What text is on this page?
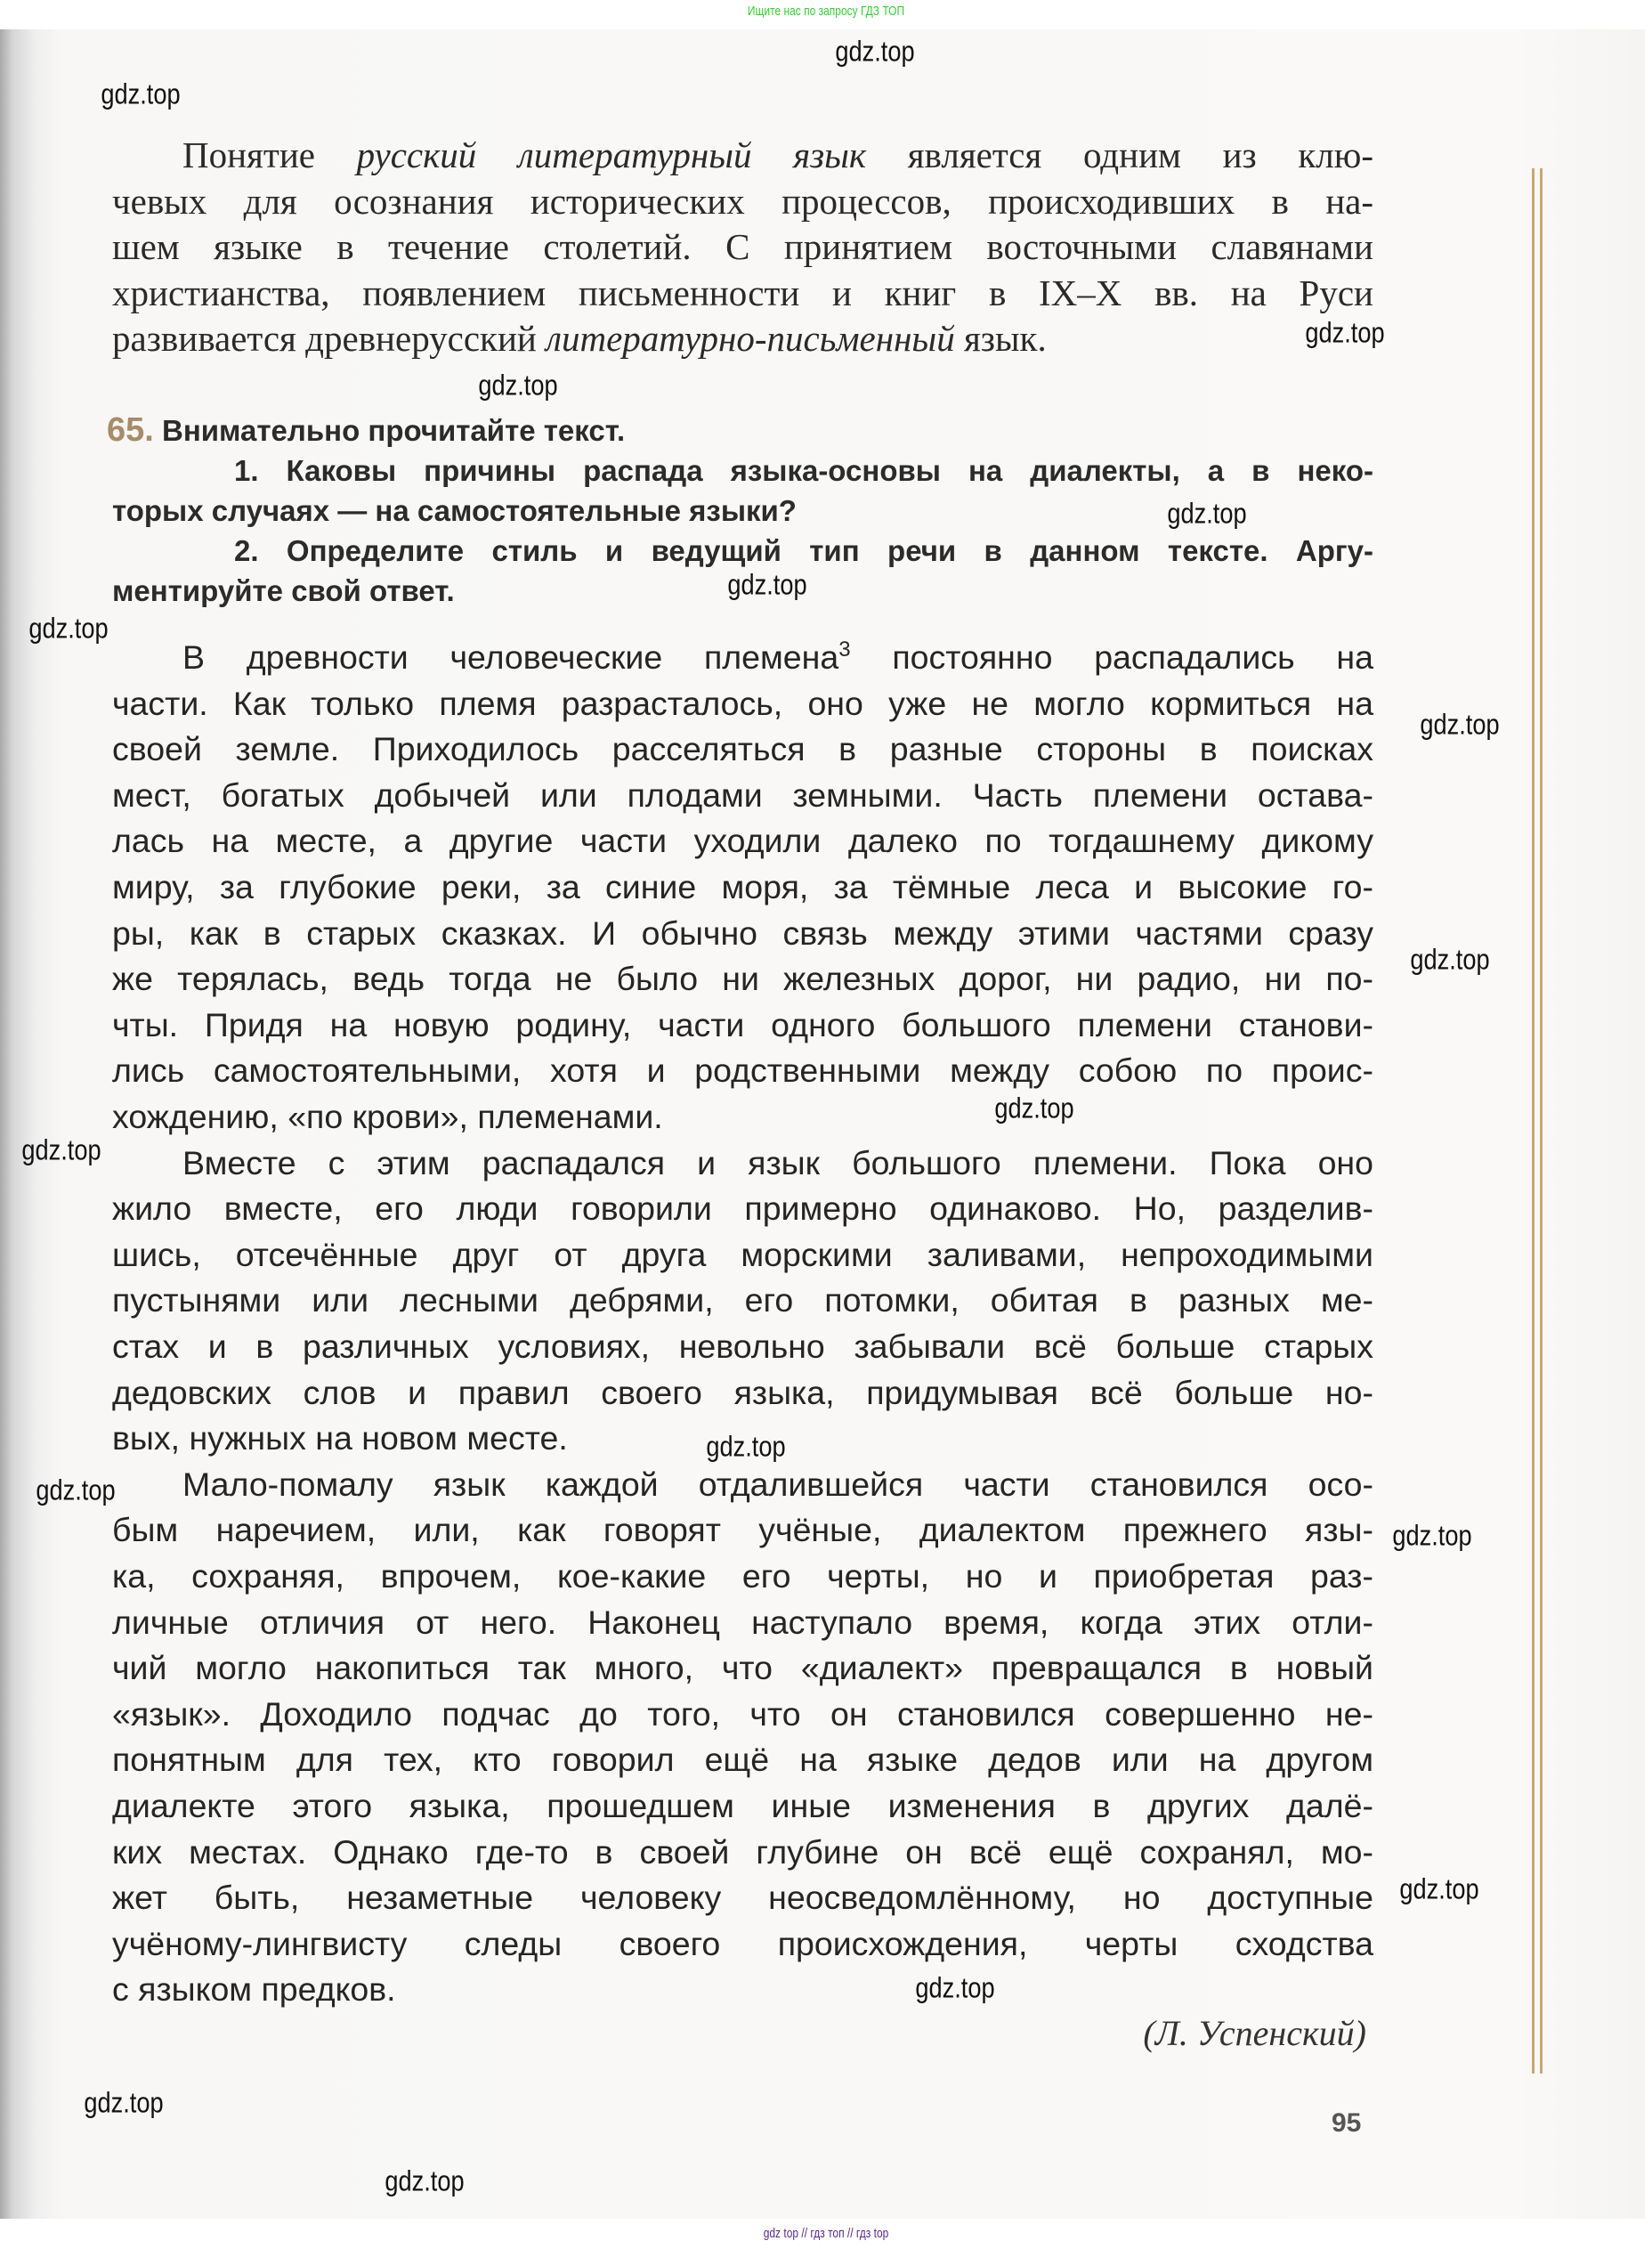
Ищите нас по запросу ГДЗ ТОП
Понятие русский литературный язык является одним из клю-
чевых для осознания исторических процессов, происходивших в на-
шем языке в течение столетий. С принятием восточными славянами
христианства, появлением письменности и книг в IX–X вв. на Руси
развивается древнерусский литературно-письменный язык.
65. Внимательно прочитайте текст.
1. Каковы причины распада языка-основы на диалекты, а в неко-
торых случаях — на самостоятельные языки?
2. Определите стиль и ведущий тип речи в данном тексте. Аргу-
ментируйте свой ответ.
В древности человеческие племена$^3$ постоянно распадались на
части. Как только племя разрасталось, оно уже не могло кормиться на
своей земле. Приходилось расселяться в разные стороны в поисках
мест, богатых добычей или плодами земными. Часть племени остава-
лась на месте, а другие части уходили далеко по тогдашнему дикому
миру, за глубокие реки, за синие моря, за тёмные леса и высокие го-
ры, как в старых сказках. И обычно связь между этими частями сразу
же терялась, ведь тогда не было ни железных дорог, ни радио, ни по-
чты. Придя на новую родину, части одного большого племени станови-
лись самостоятельными, хотя и родственными между собою по проис-
хождению, «по крови», племенами.
Вместе с этим распадался и язык большого племени. Пока оно
жило вместе, его люди говорили примерно одинаково. Но, разделив-
шись, отсечённые друг от друга морскими заливами, непроходимыми
пустынями или лесными дебрями, его потомки, обитая в разных ме-
стах и в различных условиях, невольно забывали всё больше старых
дедовских слов и правил своего языка, придумывая всё больше но-
вых, нужных на новом месте.
Мало-помалу язык каждой отдалившейся части становился осо-
бым наречием, или, как говорят учёные, диалектом прежнего язы-
ка, сохраняя, впрочем, кое-какие его черты, но и приобретая раз-
личные отличия от него. Наконец наступало время, когда этих отли-
чий могло накопиться так много, что «диалект» превращался в новый
«язык». Доходило подчас до того, что он становился совершенно не-
понятным для тех, кто говорил ещё на языке дедов или на другом
диалекте этого языка, прошедшем иные изменения в других далё-
ких местах. Однако где-то в своей глубине он всё ещё сохранял, мо-
жет быть, незаметные человеку неосведомлённому, но доступные
учёному-лингвисту следы своего происхождения, черты сходства
с языком предков.
(Л. Успенский)
95
gdz.top
gdz.top
gdz.top
gdz.top
gdz.top
gdz.top
gdz.top
gdz.top
gdz.top
gdz.top
gdz.top
gdz.top
gdz.top
gdz.top
gdz.top
gdz.top
gdz.top
gdz.top
gdz top // гдз топ // гдз top
